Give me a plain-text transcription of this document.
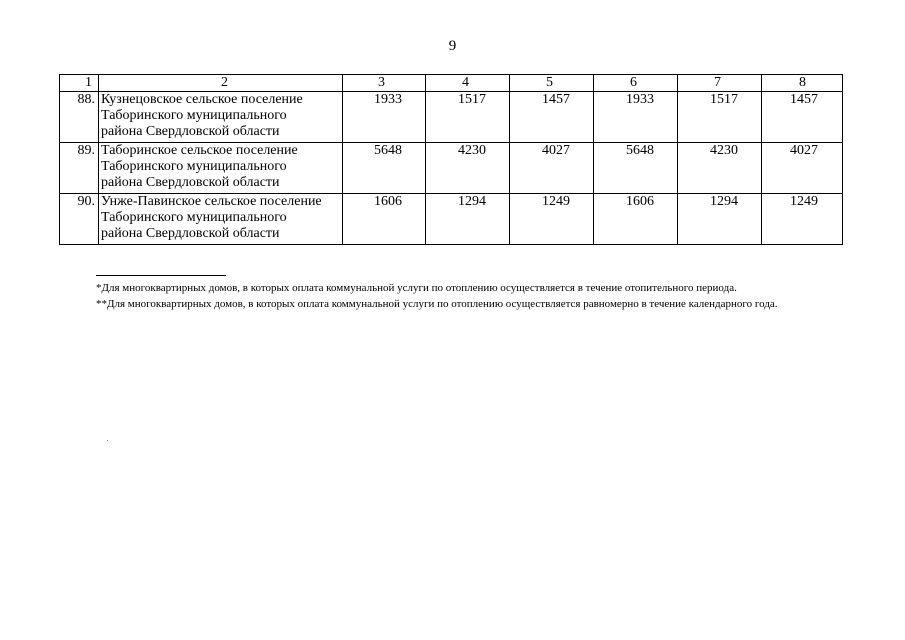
9
1	2	3	4	5	6	7	8
88.	Кузнецовское сельское поселение
Таборинского муниципального
района Свердловской области	1933	1517	1457	1933	1517	1457
89.	Таборинское сельское поселение
Таборинского муниципального
района Свердловской области	5648	4230	4027	5648	4230	4027
90.	Унже-Павинское сельское поселение
Таборинского муниципального
района Свердловской области	1606	1294	1249	1606	1294	1249
*Для многоквартирных домов, в которых оплата коммунальной услуги по отоплению осуществляется в течение отопительного периода.
**Для многоквартирных домов, в которых оплата коммунальной услуги по отоплению осуществляется равномерно в течение календарного года.
